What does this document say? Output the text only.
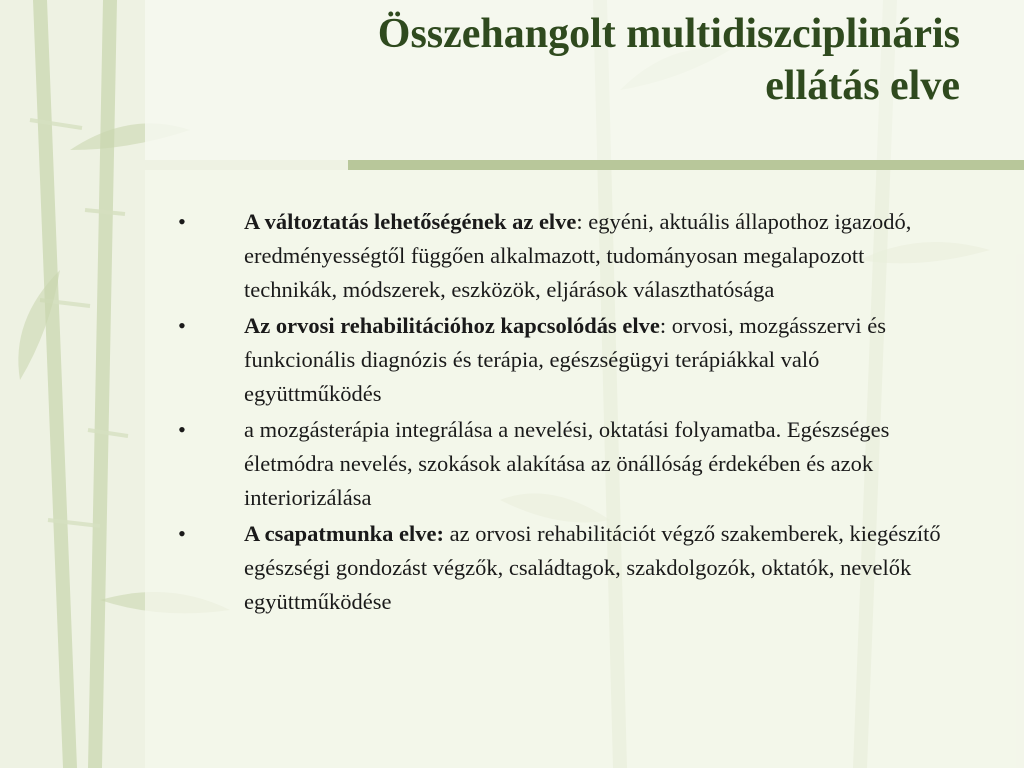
Összehangolt multidiszciplináris
ellátás elve
•	A változtatás lehetőségének az elve: egyéni, aktuális állapothoz igazodó, eredményességtől függően alkalmazott, tudományosan megalapozott technikák, módszerek, eszközök, eljárások választhatósága
•	Az orvosi rehabilitációhoz kapcsolódás elve: orvosi, mozgásszervi és funkcionális diagnózis és terápia, egészségügyi terápiákkal való együttműködés
•	a mozgásterápia integrálása a nevelési, oktatási folyamatba. Egészséges életmódra nevelés, szokások alakítása az önállóság érdekében és azok interiorizálása
•	A csapatmunka elve: az orvosi rehabilitációt végző szakemberek, kiegészítő egészségi gondozást végzők, családtagok, szakdolgozók, oktatók, nevelők együttműködése
